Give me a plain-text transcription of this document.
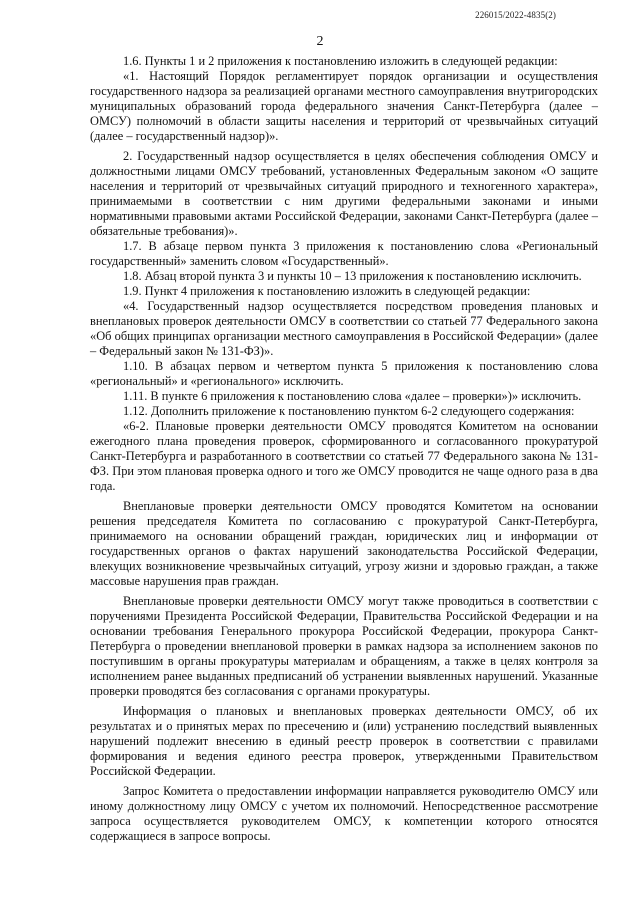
226015/2022-4835(2)
2

1.6. Пункты 1 и 2 приложения к постановлению изложить в следующей редакции:

«1. Настоящий Порядок регламентирует порядок организации и осуществления государственного надзора за реализацией органами местного самоуправления внутригородских муниципальных образований города федерального значения Санкт-Петербурга (далее – ОМСУ) полномочий в области защиты населения и территорий от чрезвычайных ситуаций (далее – государственный надзор)».

2. Государственный надзор осуществляется в целях обеспечения соблюдения ОМСУ и должностными лицами ОМСУ требований, установленных Федеральным законом «О защите населения и территорий от чрезвычайных ситуаций природного и техногенного характера», принимаемыми в соответствии с ним другими федеральными законами и иными нормативными правовыми актами Российской Федерации, законами Санкт-Петербурга (далее – обязательные требования)».

1.7. В абзаце первом пункта 3 приложения к постановлению слова «Региональный государственный» заменить словом «Государственный».

1.8. Абзац второй пункта 3 и пункты 10 – 13 приложения к постановлению исключить.

1.9. Пункт 4 приложения к постановлению изложить в следующей редакции:

«4. Государственный надзор осуществляется посредством проведения плановых и внеплановых проверок деятельности ОМСУ в соответствии со статьей 77 Федерального закона «Об общих принципах организации местного самоуправления в Российской Федерации» (далее – Федеральный закон № 131-ФЗ)».

1.10. В абзацах первом и четвертом пункта 5 приложения к постановлению слова «региональный» и «регионального» исключить.

1.11. В пункте 6 приложения к постановлению слова «далее – проверки»)» исключить.

1.12. Дополнить приложение к постановлению пунктом 6-2 следующего содержания:

«6-2. Плановые проверки деятельности ОМСУ проводятся Комитетом на основании ежегодного плана проведения проверок, сформированного и согласованного прокуратурой Санкт-Петербурга и разработанного в соответствии со статьей 77 Федерального закона № 131-ФЗ. При этом плановая проверка одного и того же ОМСУ проводится не чаще одного раза в два года.

Внеплановые проверки деятельности ОМСУ проводятся Комитетом на основании решения председателя Комитета по согласованию с прокуратурой Санкт-Петербурга, принимаемого на основании обращений граждан, юридических лиц и информации от государственных органов о фактах нарушений законодательства Российской Федерации, влекущих возникновение чрезвычайных ситуаций, угрозу жизни и здоровью граждан, а также массовые нарушения прав граждан.

Внеплановые проверки деятельности ОМСУ могут также проводиться в соответствии с поручениями Президента Российской Федерации, Правительства Российской Федерации и на основании требования Генерального прокурора Российской Федерации, прокурора Санкт-Петербурга о проведении внеплановой проверки в рамках надзора за исполнением законов по поступившим в органы прокуратуры материалам и обращениям, а также в целях контроля за исполнением ранее выданных предписаний об устранении выявленных нарушений. Указанные проверки проводятся без согласования с органами прокуратуры.

Информация о плановых и внеплановых проверках деятельности ОМСУ, об их результатах и о принятых мерах по пресечению и (или) устранению последствий выявленных нарушений подлежит внесению в единый реестр проверок в соответствии с правилами формирования и ведения единого реестра проверок, утвержденными Правительством Российской Федерации.

Запрос Комитета о предоставлении информации направляется руководителю ОМСУ или иному должностному лицу ОМСУ с учетом их полномочий. Непосредственное рассмотрение запроса осуществляется руководителем ОМСУ, к компетенции которого относятся содержащиеся в запросе вопросы.
